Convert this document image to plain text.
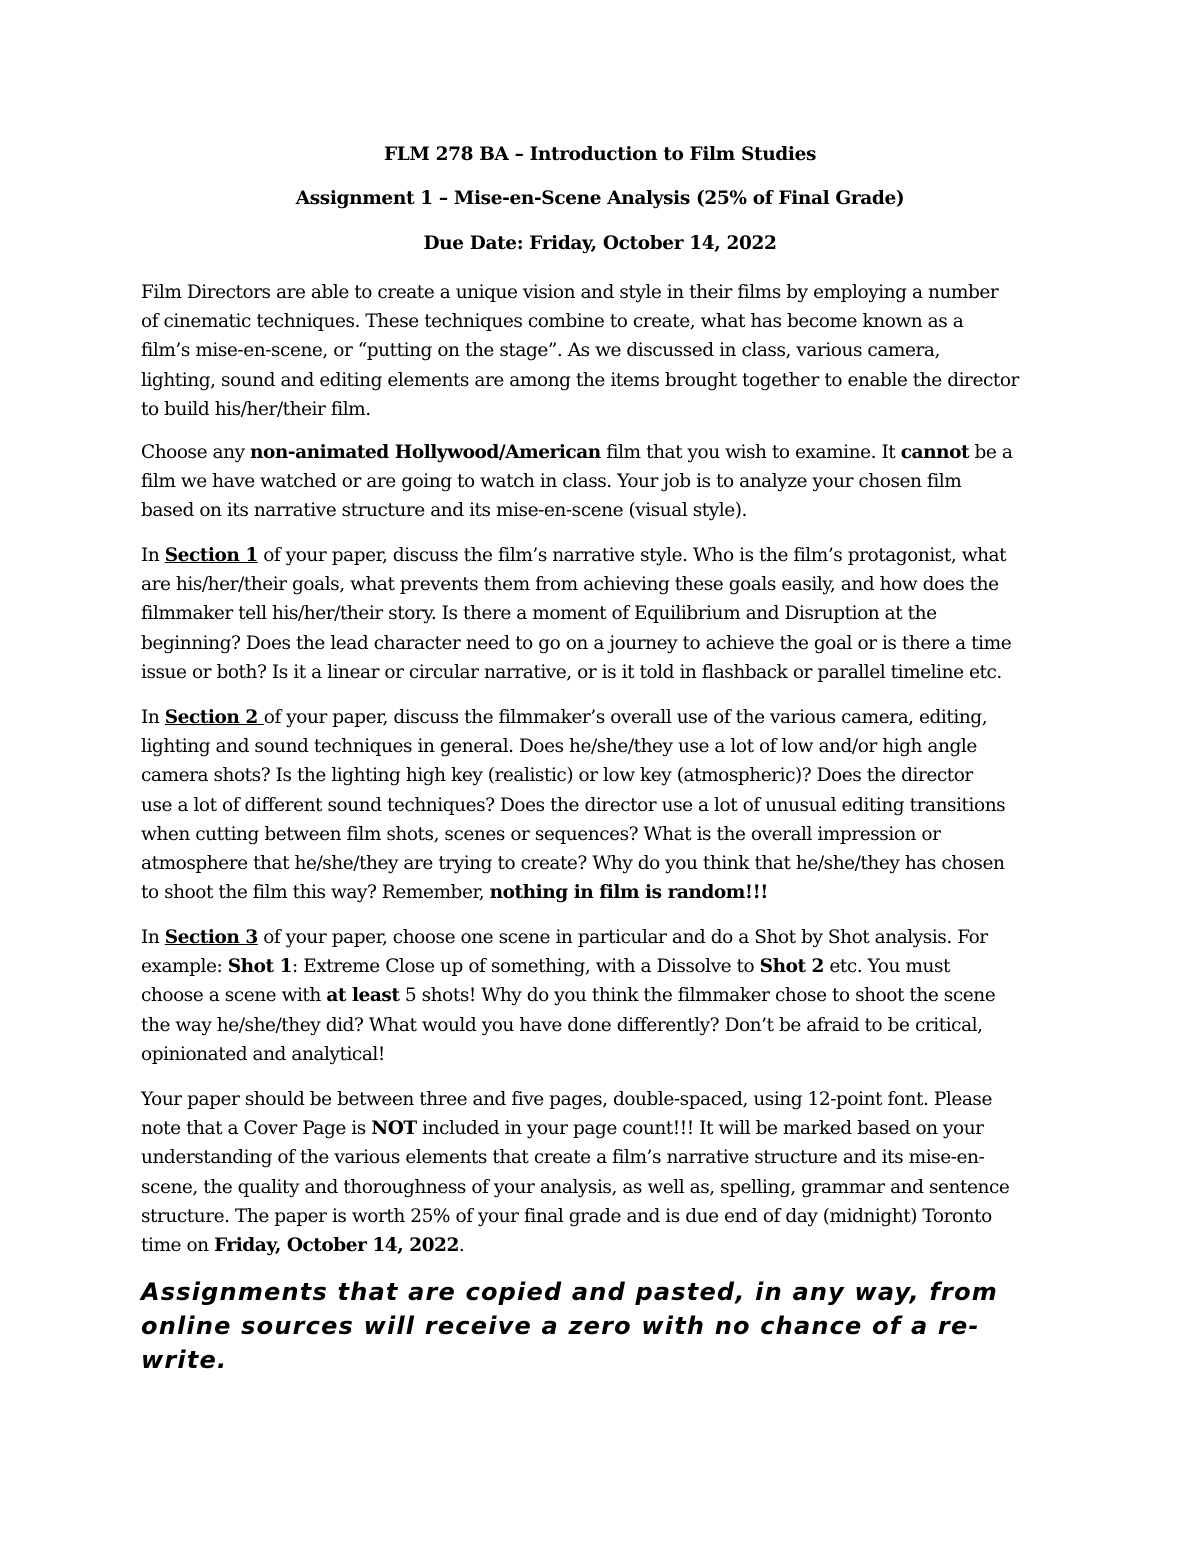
FLM 278 BA – Introduction to Film Studies
Assignment 1 – Mise-en-Scene Analysis (25% of Final Grade)
Due Date: Friday, October 14, 2022
Film Directors are able to create a unique vision and style in their films by employing a number
of cinematic techniques. These techniques combine to create, what has become known as a
film’s mise-en-scene, or “putting on the stage”. As we discussed in class, various camera,
lighting, sound and editing elements are among the items brought together to enable the director
to build his/her/their film.
Choose any non-animated Hollywood/American film that you wish to examine. It cannot be a
film we have watched or are going to watch in class. Your job is to analyze your chosen film
based on its narrative structure and its mise-en-scene (visual style).
In Section 1 of your paper, discuss the film’s narrative style. Who is the film’s protagonist, what
are his/her/their goals, what prevents them from achieving these goals easily, and how does the
filmmaker tell his/her/their story. Is there a moment of Equilibrium and Disruption at the
beginning? Does the lead character need to go on a journey to achieve the goal or is there a time
issue or both? Is it a linear or circular narrative, or is it told in flashback or parallel timeline etc.
In Section 2 of your paper, discuss the filmmaker’s overall use of the various camera, editing,
lighting and sound techniques in general. Does he/she/they use a lot of low and/or high angle
camera shots? Is the lighting high key (realistic) or low key (atmospheric)? Does the director
use a lot of different sound techniques? Does the director use a lot of unusual editing transitions
when cutting between film shots, scenes or sequences? What is the overall impression or
atmosphere that he/she/they are trying to create? Why do you think that he/she/they has chosen
to shoot the film this way? Remember, nothing in film is random!!!
In Section 3 of your paper, choose one scene in particular and do a Shot by Shot analysis. For
example: Shot 1: Extreme Close up of something, with a Dissolve to Shot 2 etc. You must
choose a scene with at least 5 shots! Why do you think the filmmaker chose to shoot the scene
the way he/she/they did? What would you have done differently? Don’t be afraid to be critical,
opinionated and analytical!
Your paper should be between three and five pages, double-spaced, using 12-point font. Please
note that a Cover Page is NOT included in your page count!!! It will be marked based on your
understanding of the various elements that create a film’s narrative structure and its mise-en-
scene, the quality and thoroughness of your analysis, as well as, spelling, grammar and sentence
structure. The paper is worth 25% of your final grade and is due end of day (midnight) Toronto
time on Friday, October 14, 2022.
Assignments that are copied and pasted, in any way, from
online sources will receive a zero with no chance of a re-
write.
